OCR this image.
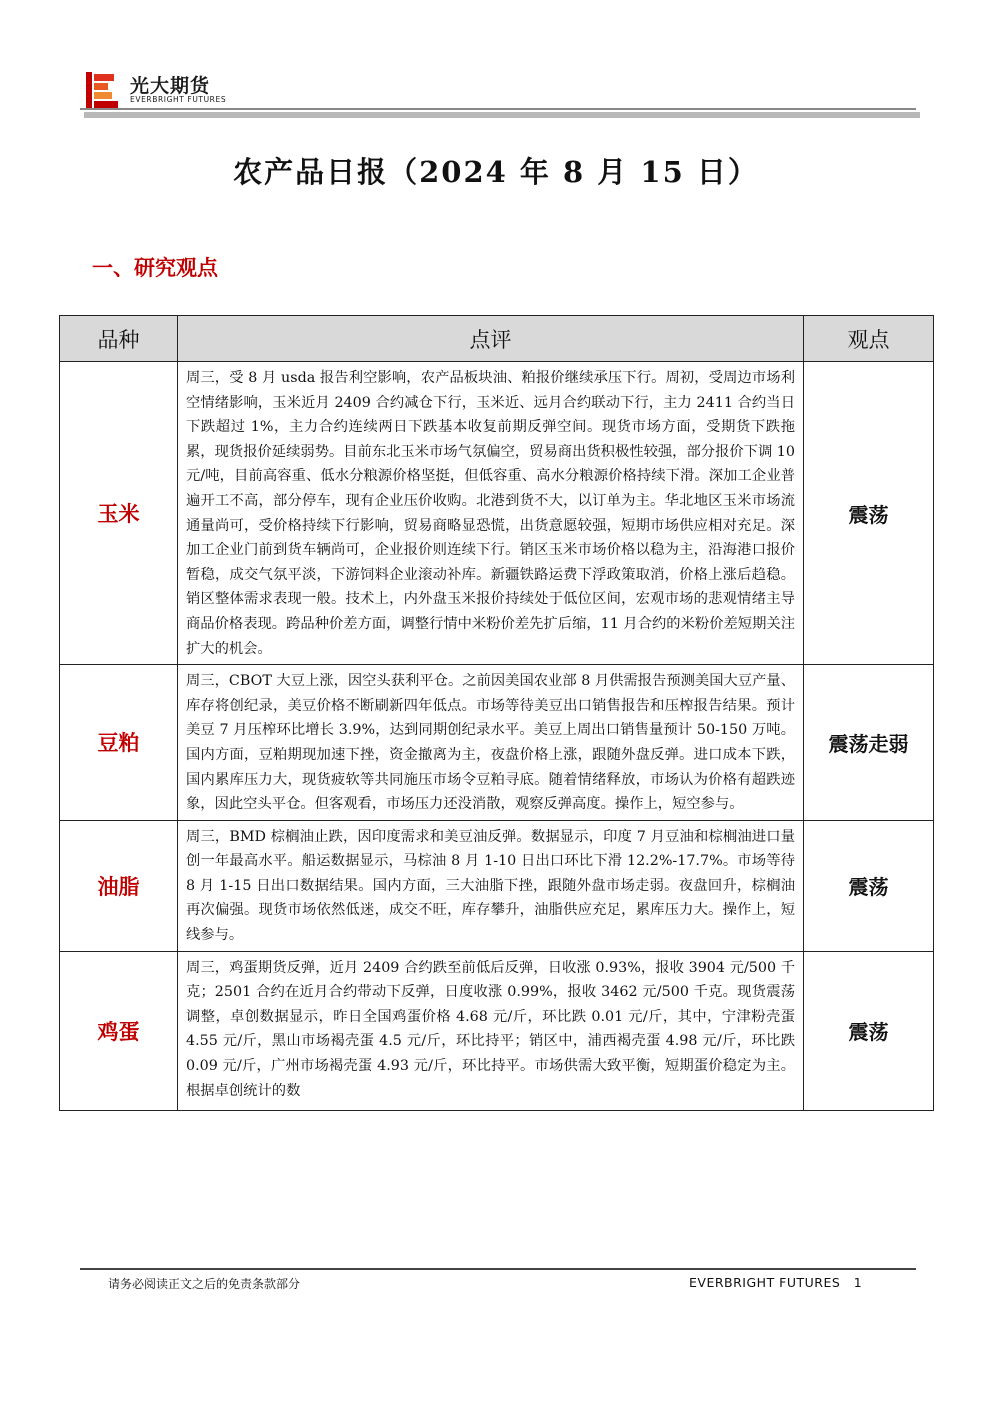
光大期货
EVERBRIGHT FUTURES
农产品日报（2024 年 8 月 15 日）
一、研究观点
品种	点评	观点
玉米	周三，受 8 月 usda 报告利空影响，农产品板块油、粕报价继续承压下行。周初，受周边市场利空情绪影响，玉米近月 2409 合约减仓下行，玉米近、远月合约联动下行，主力 2411 合约当日下跌超过 1%，主力合约连续两日下跌基本收复前期反弹空间。现货市场方面，受期货下跌拖累，现货报价延续弱势。目前东北玉米市场气氛偏空，贸易商出货积极性较强，部分报价下调 10 元/吨，目前高容重、低水分粮源价格坚挺，但低容重、高水分粮源价格持续下滑。深加工企业普遍开工不高，部分停车，现有企业压价收购。北港到货不大，以订单为主。华北地区玉米市场流通量尚可，受价格持续下行影响，贸易商略显恐慌，出货意愿较强，短期市场供应相对充足。深加工企业门前到货车辆尚可，企业报价则连续下行。销区玉米市场价格以稳为主，沿海港口报价暂稳，成交气氛平淡，下游饲料企业滚动补库。新疆铁路运费下浮政策取消，价格上涨后趋稳。销区整体需求表现一般。技术上，内外盘玉米报价持续处于低位区间，宏观市场的悲观情绪主导商品价格表现。跨品种价差方面，调整行情中米粉价差先扩后缩，11 月合约的米粉价差短期关注扩大的机会。	震荡
豆粕	周三，CBOT 大豆上涨，因空头获利平仓。之前因美国农业部 8 月供需报告预测美国大豆产量、库存将创纪录，美豆价格不断刷新四年低点。市场等待美豆出口销售报告和压榨报告结果。预计美豆 7 月压榨环比增长 3.9%，达到同期创纪录水平。美豆上周出口销售量预计 50-150 万吨。国内方面，豆粕期现加速下挫，资金撤离为主，夜盘价格上涨，跟随外盘反弹。进口成本下跌，国内累库压力大，现货疲软等共同施压市场令豆粕寻底。随着情绪释放，市场认为价格有超跌迹象，因此空头平仓。但客观看，市场压力还没消散，观察反弹高度。操作上，短空参与。	震荡走弱
油脂	周三，BMD 棕榈油止跌，因印度需求和美豆油反弹。数据显示，印度 7 月豆油和棕榈油进口量创一年最高水平。船运数据显示，马棕油 8 月 1-10 日出口环比下滑 12.2%-17.7%。市场等待 8 月 1-15 日出口数据结果。国内方面，三大油脂下挫，跟随外盘市场走弱。夜盘回升，棕榈油再次偏强。现货市场依然低迷，成交不旺，库存攀升，油脂供应充足，累库压力大。操作上，短线参与。	震荡
鸡蛋	周三，鸡蛋期货反弹，近月 2409 合约跌至前低后反弹，日收涨 0.93%，报收 3904 元/500 千克；2501 合约在近月合约带动下反弹，日度收涨 0.99%，报收 3462 元/500 千克。现货震荡调整，卓创数据显示，昨日全国鸡蛋价格 4.68 元/斤，环比跌 0.01 元/斤，其中，宁津粉壳蛋 4.55 元/斤，黑山市场褐壳蛋 4.5 元/斤，环比持平；销区中，浦西褐壳蛋 4.98 元/斤，环比跌 0.09 元/斤，广州市场褐壳蛋 4.93 元/斤，环比持平。市场供需大致平衡，短期蛋价稳定为主。根据卓创统计的数	震荡
请务必阅读正文之后的免责条款部分	EVERBRIGHT FUTURES 1
